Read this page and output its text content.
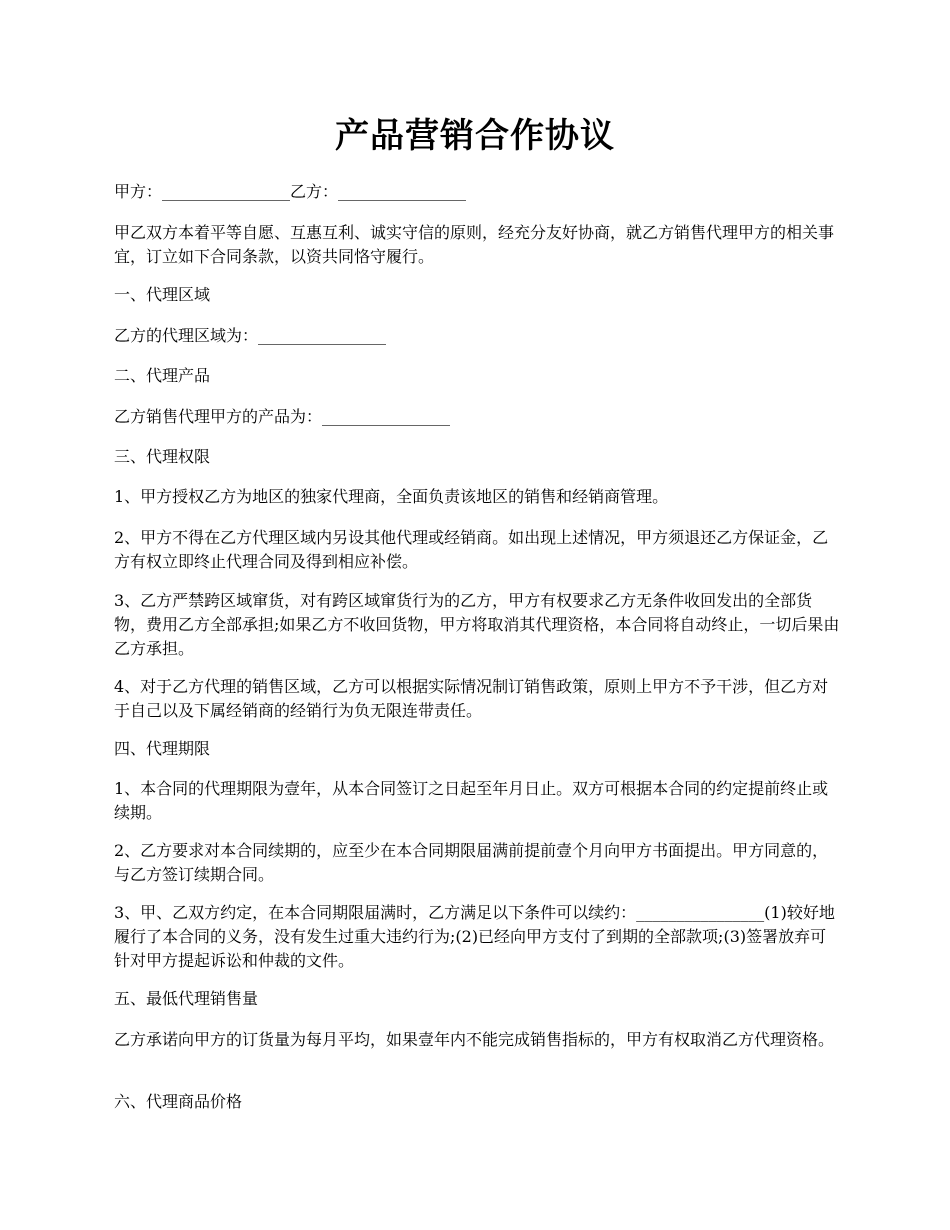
产品营销合作协议

甲方：________________乙方：________________

甲乙双方本着平等自愿、互惠互利、诚实守信的原则，经充分友好协商，就乙方销售代理甲方的相关事宜，订立如下合同条款，以资共同恪守履行。

一、代理区域

乙方的代理区域为：________________

二、代理产品

乙方销售代理甲方的产品为：________________

三、代理权限

1、甲方授权乙方为地区的独家代理商，全面负责该地区的销售和经销商管理。

2、甲方不得在乙方代理区域内另设其他代理或经销商。如出现上述情况，甲方须退还乙方保证金，乙方有权立即终止代理合同及得到相应补偿。

3、乙方严禁跨区域窜货，对有跨区域窜货行为的乙方，甲方有权要求乙方无条件收回发出的全部货物，费用乙方全部承担;如果乙方不收回货物，甲方将取消其代理资格，本合同将自动终止，一切后果由乙方承担。

4、对于乙方代理的销售区域，乙方可以根据实际情况制订销售政策，原则上甲方不予干涉，但乙方对于自己以及下属经销商的经销行为负无限连带责任。

四、代理期限

1、本合同的代理期限为壹年，从本合同签订之日起至年月日止。双方可根据本合同的约定提前终止或续期。

2、乙方要求对本合同续期的，应至少在本合同期限届满前提前壹个月向甲方书面提出。甲方同意的，与乙方签订续期合同。

3、甲、乙双方约定，在本合同期限届满时，乙方满足以下条件可以续约：________________(1)较好地履行了本合同的义务，没有发生过重大违约行为;(2)已经向甲方支付了到期的全部款项;(3)签署放弃可针对甲方提起诉讼和仲裁的文件。

五、最低代理销售量

乙方承诺向甲方的订货量为每月平均，如果壹年内不能完成销售指标的，甲方有权取消乙方代理资格。

六、代理商品价格
